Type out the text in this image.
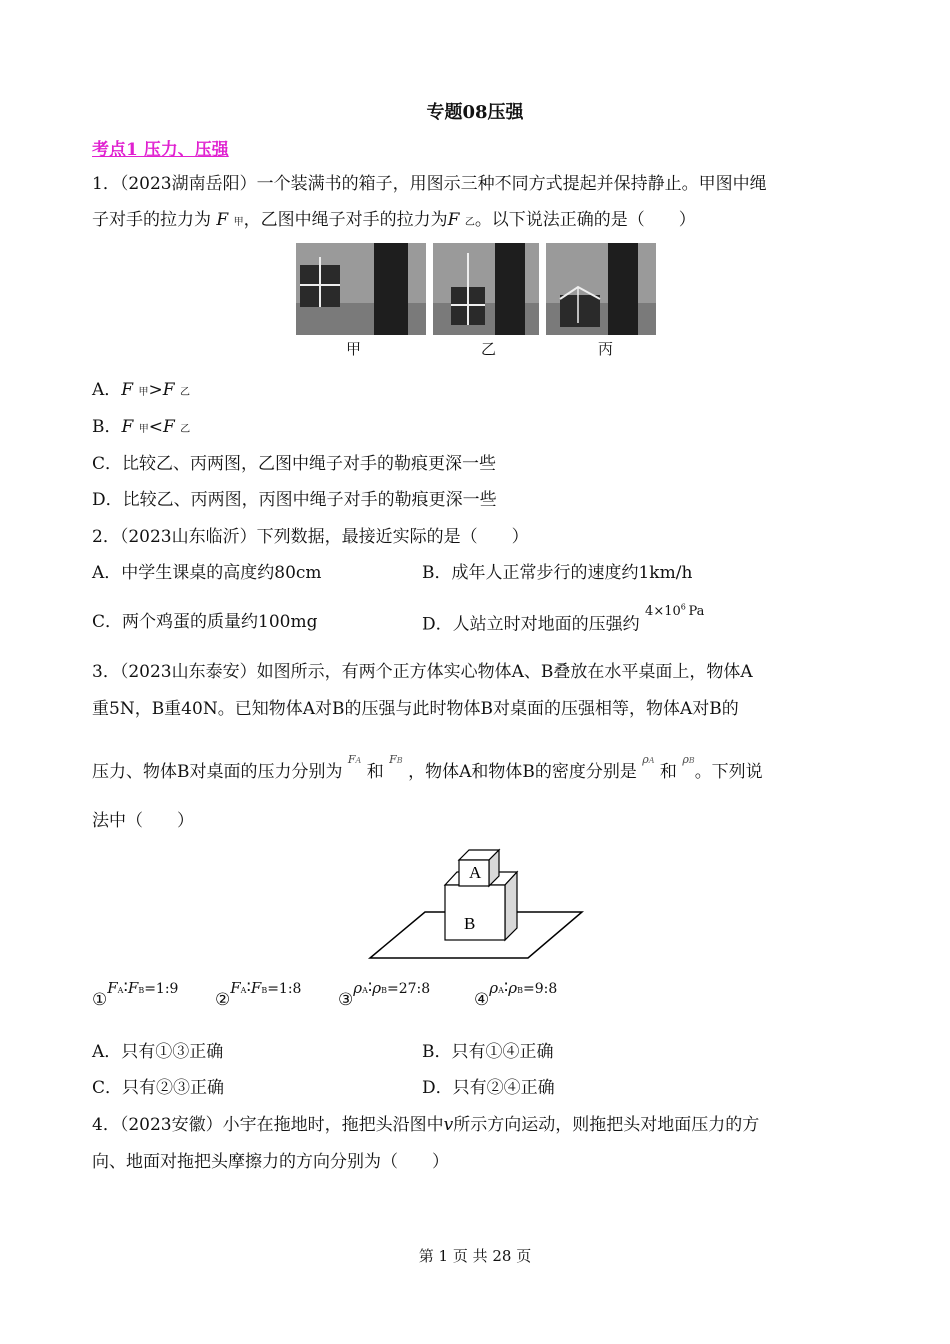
专题08压强
考点1 压力、压强
1．（2023湖南岳阳）一个装满书的箱子，用图示三种不同方式提起并保持静止。甲图中绳
子对手的拉力为 F 甲，乙图中绳子对手的拉力为F 乙。以下说法正确的是（　　）
甲	乙	丙
A．F 甲>F 乙
B．F 甲<F 乙
C．比较乙、丙两图，乙图中绳子对手的勒痕更深一些
D．比较乙、丙两图，丙图中绳子对手的勒痕更深一些
2．（2023山东临沂）下列数据，最接近实际的是（　　）
A．中学生课桌的高度约80cm	B．成年人正常步行的速度约1km/h
C．两个鸡蛋的质量约100mg	D．人站立时对地面的压强约 $^{4\times 10^6 Pa}$
3．（2023山东泰安）如图所示，有两个正方体实心物体A、B叠放在水平桌面上，物体A
重5N，B重40N。已知物体A对B的压强与此时物体B对桌面的压强相等，物体A对B的
压力、物体B对桌面的压力分别为 $^{FA}$ 和 $^{FB}$ ，物体A和物体B的密度分别是 $^{\rho A}$ 和 $^{\rho B}$。下列说
法中（　　）
A
B
①FA∶FB=1:9
②FA∶FB=1:8
③ρA∶ρB=27:8
④ρA∶ρB=9:8
A．只有①③正确	B．只有①④正确
C．只有②③正确	D．只有②④正确
4．（2023安徽）小宇在拖地时，拖把头沿图中v所示方向运动，则拖把头对地面压力的方
向、地面对拖把头摩擦力的方向分别为（　　）
第 1 页 共 28 页
